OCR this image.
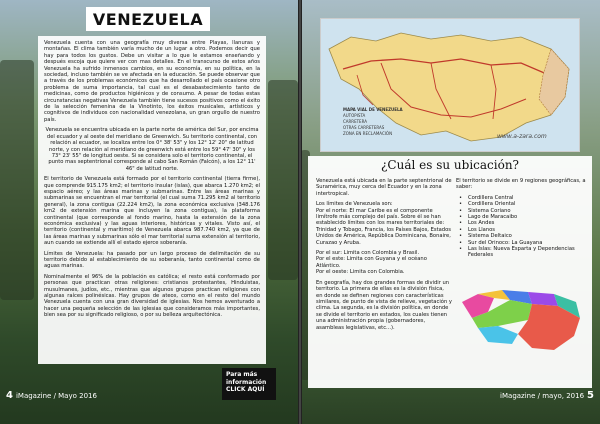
VENEZUELA

Venezuela cuenta con una geografía muy diversa entre Playas, llanuras y montañas. El clima también varía mucho de un lugar a otro. Podemos decir que hay para todos los gustos. Debe un visitar a lo que le estamos enseñando y después escoja que quiere ver con mas detalles. En el transcurso de estos años Venezuela ha sufrido inmensos cambios, en su economía, en su política, en la sociedad, incluso también se ve afectada en la educación. Se puede observar que a través de los problemas económicos que ha desarrollado el país ocasione otro problema de suma importancia, tal cual es el desabastecimiento tanto de medicinas, como de productos higiénicos y de consumo. A pesar de todas estas circunstancias negativas Venezuela también tiene sucesos positivos como el éxito de la selección femenina de la Vinotinto, los éxitos musicales, artísticos y cognitivos de individuos con nacionalidad venezolana, un gran orgullo de nuestro país.

Venezuela se encuentra ubicada en la parte norte de américa del Sur, por encima del ecuador y al oeste del meridiano de Greenwich. Su territorio continental, con relación al ecuador, se localiza entre los 0° 38' 53" y los 12° 12' 20" de latitud norte, y con relación al meridiano de greenwich está entre los 59° 47' 30" y los 73° 23' 55" de longitud oeste. Si se considera solo el territorio continental, el punto mas septentrional corresponde al cabo San Román (Falcón), a los 12° 11' 46" de latitud norte.

El territorio de Venezuela está formado por el territorio continental (tierra firme), que comprende 915.175 km2; el territorio insular (islas), que abarca 1.270 km2; el espacio aéreo; y las áreas marinas y submarinas. Entre las áreas marinas y submarinas se encuentran el mar territorial (el cual suma 71.295 km2 al territorio general), la zona contigua (22.224 km2), la zona económica exclusiva (348.176 km2 de extensión marina que incluyen la zona contigua), la plataforma continental (que corresponde al fondo marino, hasta la extensión de la zona económica exclusiva) y las aguas interiores, históricas y vitales. Visto así, el territorio (continental y marítimo) de Venezuela abarca 987.740 km2, ya que de las áreas marinas y submarinas sólo el mar territorial suma extensión al territorio, aun cuando se extiende allí el estado ejerce soberanía.

Límites de Venezuela: ha pasado por un largo proceso de delimitación de su territorio debido al establecimiento de su soberanía, tanto continental como de aguas marinas.

Nominalmente el 96% de la población es católica; el resto está conformado por personas que practican otras religiones: cristianos protestantes, Hinduistas, musulmanes, judíos, etc., mientras que algunos grupos practican religiones con algunas raíces polinésicas. Hay grupos de ateos, como en el resto del mundo Venezuela cuenta con una gran diversidad de iglesias. Nos hemos aventurado a hacer una pequeña selección de las iglesias que consideramos más importantes, bien sea por su significado religioso, o por su belleza arquitectónica.

Para más información CLICK AQUÍ
4 iMagazine / Mayo 2016
MAPA VIAL DE VENEZUELA
AUTOPISTA
CARRETERA
OTRAS CARRETERAS
ZONA EN RECLAMACIÓN	www.a-zara.com
¿Cuál es su ubicación?

Venezuela está ubicada en la parte septentrional de Suramérica, muy cerca del Ecuador y en la zona intertropical.

Los límites de Venezuela son:

Por el norte: El mar Caribe es el componente limítrofe más complejo del país. Sobre él se han establecido límites con los mares territoriales de: Trinidad y Tobago, Francia, los Países Bajos, Estados Unidos de América, República Dominicana, Bonaire, Curazao y Aruba.

Por el sur: Limita con Colombia y Brasil.

Por el este: Limita con Guyana y el océano Atlántico.

Por el oeste: Limita con Colombia.

En geografía, hay dos grandes formas de dividir un territorio. La primera de ellas es la división física, en donde se definen regiones con características similares, de punto de vista de relieve, vegetación y clima. La segunda, es la división política, en donde se divide el territorio en estados, los cuales tienen una administración propia (gobernadores, asambleas legislativas, etc...).

El territorio se divide en 9 regiones geográficas, a saber:

• Cordillera Central
• Cordillera Oriental
• Sistema Coriano
• Lago de Maracaibo
• Los Andes
• Los Llanos
• Sistema Deltaico
• Sur del Orinoco: La Guayana
• Las Islas: Nueva Esparta y Dependencias Federales
iMagazine / mayo, 2016 5
